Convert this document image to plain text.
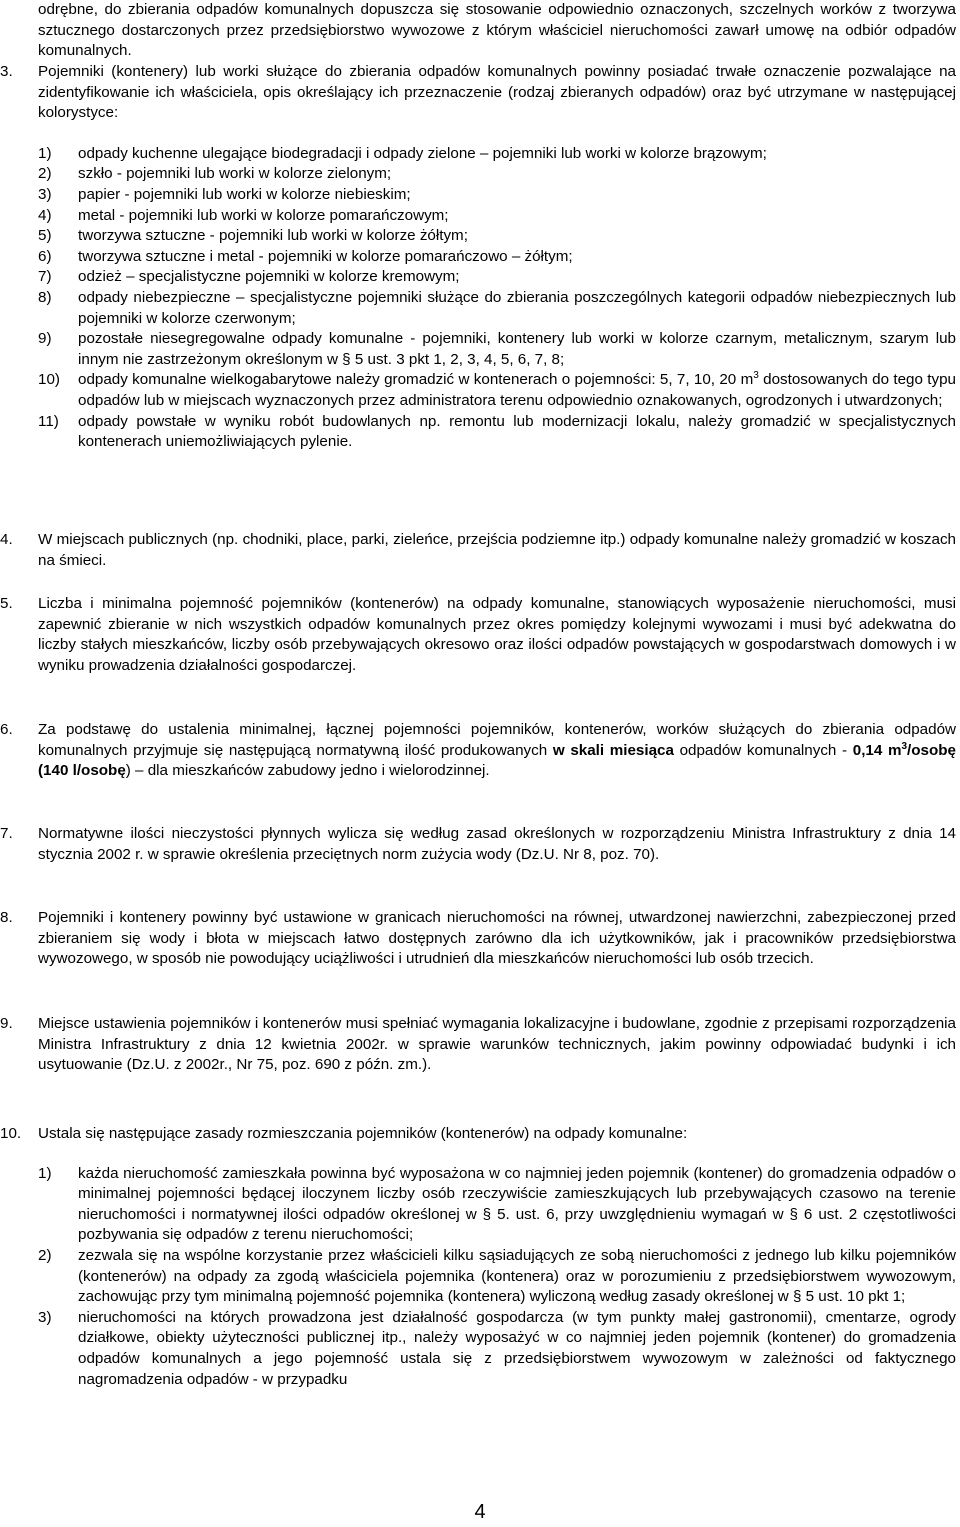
odrębne, do zbierania odpadów komunalnych dopuszcza się stosowanie odpowiednio oznaczonych, szczelnych worków z tworzywa sztucznego dostarczonych przez przedsiębiorstwo wywozowe z którym właściciel nieruchomości zawarł umowę na odbiór odpadów komunalnych.
3. Pojemniki (kontenery) lub worki służące do zbierania odpadów komunalnych powinny posiadać trwałe oznaczenie pozwalające na zidentyfikowanie ich właściciela, opis określający ich przeznaczenie (rodzaj zbieranych odpadów) oraz być utrzymane w następującej kolorystyce:
1) odpady kuchenne ulegające biodegradacji i odpady zielone – pojemniki lub worki w kolorze brązowym;
2) szkło - pojemniki lub worki w kolorze zielonym;
3) papier - pojemniki lub worki w kolorze niebieskim;
4) metal - pojemniki lub worki w kolorze pomarańczowym;
5) tworzywa sztuczne - pojemniki lub worki w kolorze żółtym;
6) tworzywa sztuczne i metal - pojemniki w kolorze pomarańczowo – żółtym;
7) odzież – specjalistyczne pojemniki w kolorze kremowym;
8) odpady niebezpieczne – specjalistyczne pojemniki służące do zbierania poszczególnych kategorii odpadów niebezpiecznych lub pojemniki w kolorze czerwonym;
9) pozostałe niesegregowalne odpady komunalne - pojemniki, kontenery lub worki w kolorze czarnym, metalicznym, szarym lub innym nie zastrzeżonym określonym w § 5 ust. 3 pkt 1, 2, 3, 4, 5, 6, 7, 8;
10) odpady komunalne wielkogabarytowe należy gromadzić w kontenerach o pojemności: 5, 7, 10, 20 $m^3$ dostosowanych do tego typu odpadów lub w miejscach wyznaczonych przez administratora terenu odpowiednio oznakowanych, ogrodzonych i utwardzonych;
11) odpady powstałe w wyniku robót budowlanych np. remontu lub modernizacji lokalu, należy gromadzić w specjalistycznych kontenerach uniemożliwiających pylenie.
4. W miejscach publicznych (np. chodniki, place, parki, zieleńce, przejścia podziemne itp.) odpady komunalne należy gromadzić w koszach na śmieci.
5. Liczba i minimalna pojemność pojemników (kontenerów) na odpady komunalne, stanowiących wyposażenie nieruchomości, musi zapewnić zbieranie w nich wszystkich odpadów komunalnych przez okres pomiędzy kolejnymi wywozami i musi być adekwatna do liczby stałych mieszkańców, liczby osób przebywających okresowo oraz ilości odpadów powstających w gospodarstwach domowych i w wyniku prowadzenia działalności gospodarczej.
6. Za podstawę do ustalenia minimalnej, łącznej pojemności pojemników, kontenerów, worków służących do zbierania odpadów komunalnych przyjmuje się następującą normatywną ilość produkowanych w skali miesiąca odpadów komunalnych - 0,14 $m^3$/osobę (140 l/osobę) – dla mieszkańców zabudowy jedno i wielorodzinnej.
7. Normatywne ilości nieczystości płynnych wylicza się według zasad określonych w rozporządzeniu Ministra Infrastruktury z dnia 14 stycznia 2002 r. w sprawie określenia przeciętnych norm zużycia wody (Dz.U. Nr 8, poz. 70).
8. Pojemniki i kontenery powinny być ustawione w granicach nieruchomości na równej, utwardzonej nawierzchni, zabezpieczonej przed zbieraniem się wody i błota w miejscach łatwo dostępnych zarówno dla ich użytkowników, jak i pracowników przedsiębiorstwa wywozowego, w sposób nie powodujący uciążliwości i utrudnień dla mieszkańców nieruchomości lub osób trzecich.
9. Miejsce ustawienia pojemników i kontenerów musi spełniać wymagania lokalizacyjne i budowlane, zgodnie z przepisami rozporządzenia Ministra Infrastruktury z dnia 12 kwietnia 2002r. w sprawie warunków technicznych, jakim powinny odpowiadać budynki i ich usytuowanie (Dz.U. z 2002r., Nr 75, poz. 690 z późn. zm.).
10. Ustala się następujące zasady rozmieszczania pojemników (kontenerów) na odpady komunalne:
1) każda nieruchomość zamieszkała powinna być wyposażona w co najmniej jeden pojemnik (kontener) do gromadzenia odpadów o minimalnej pojemności będącej iloczynem liczby osób rzeczywiście zamieszkujących lub przebywających czasowo na terenie nieruchomości i normatywnej ilości odpadów określonej w § 5. ust. 6, przy uwzględnieniu wymagań w § 6 ust. 2 częstotliwości pozbywania się odpadów z terenu nieruchomości;
2) zezwala się na wspólne korzystanie przez właścicieli kilku sąsiadujących ze sobą nieruchomości z jednego lub kilku pojemników (kontenerów) na odpady za zgodą właściciela pojemnika (kontenera) oraz w porozumieniu z przedsiębiorstwem wywozowym, zachowując przy tym minimalną pojemność pojemnika (kontenera) wyliczoną według zasady określonej w § 5 ust. 10 pkt 1;
3) nieruchomości na których prowadzona jest działalność gospodarcza (w tym punkty małej gastronomii), cmentarze, ogrody działkowe, obiekty użyteczności publicznej itp., należy wyposażyć w co najmniej jeden pojemnik (kontener) do gromadzenia odpadów komunalnych a jego pojemność ustala się z przedsiębiorstwem wywozowym w zależności od faktycznego nagromadzenia odpadów - w przypadku
4
